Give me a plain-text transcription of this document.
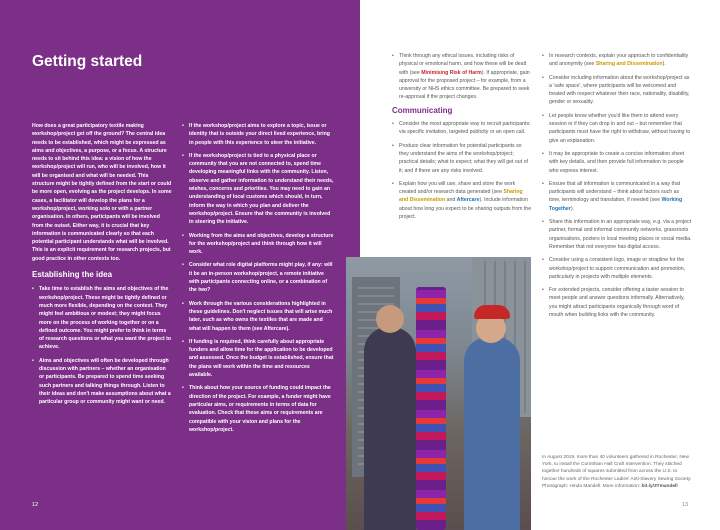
Getting started

How does a great participatory textile making workshop/project get off the ground? The central idea needs to be established, which might be expressed as aims and objectives, a purpose, or a focus. A structure needs to sit behind this idea: a vision of how the workshop/project will run, who will be involved, how it will be organised and what will be needed. This structure might be tightly defined from the start or could be more open, evolving as the project develops. In some cases, a facilitator will develop the plans for a workshop/project, working solo or with a partner organisation. In others, participants will be involved from the outset. Either way, it is crucial that key information is communicated clearly so that each potential participant understands what will be involved. This is an explicit requirement for research projects, but good practice in other contexts too.

Establishing the idea
• Take time to establish the aims and objectives of the workshop/project. These might be tightly defined or much more flexible, depending on the context. They might feel ambitious or modest; they might focus more on the process of working together or on a defined outcome. You might prefer to think in terms of research questions or what you want the project to achieve.
• Aims and objectives will often be developed through discussion with partners – whether an organisation or participants. Be prepared to spend time seeking such partners and talking things through. Listen to their ideas and don't make assumptions about what a particular group or community might want or need.
• If the workshop/project aims to explore a topic, issue or identity that is outside your direct lived experience, bring in people with this experience to steer the initiative.
• If the workshop/project is tied to a physical place or community that you are not connected to, spend time developing meaningful links with the community. Listen, observe and gather information to understand their needs, wishes, concerns and priorities. You may need to gain an understanding of local customs which should, in turn, inform the way in which you plan and deliver the workshop/project. Ensure that the community is involved in steering the initiative.
• Working from the aims and objectives, develop a structure for the workshop/project and think through how it will work.
• Consider what role digital platforms might play, if any: will it be an in-person workshop/project, a remote initiative with participants connecting online, or a combination of the two?
• Work through the various considerations highlighted in these guidelines. Don't neglect issues that will arise much later, such as who owns the textiles that are made and what will happen to them (see Aftercare).
• If funding is required, think carefully about appropriate funders and allow time for the application to be developed and assessed. Once the budget is established, ensure that the plans will work within the time and resources available.
• Think about how your source of funding could impact the direction of the project. For example, a funder might have particular aims, or requirements in terms of data for evaluation. Check that these aims or requirements are compatible with your vision and plans for the workshop/project.
12
• Think through any ethical issues, including risks of physical or emotional harm, and how these will be dealt with (see Minimising Risk of Harm). If appropriate, gain approval for the proposed project – for example, from a university or NHS ethics committee. Be prepared to seek re-approval if the project changes.
Communicating
• Consider the most appropriate way to recruit participants: via specific invitation, targeted publicity or an open call.
• Produce clear information for potential participants so they understand the aims of the workshop/project; practical details; what to expect; what they will get out of it; and if there are any risks involved.
• Explain how you will use, share and store the work created and/or research data generated (see Sharing and Dissemination and Aftercare). Include information about how long you expect to be sharing outputs from the project.
• In research contexts, explain your approach to confidentiality and anonymity (see Sharing and Dissemination).
• Consider including information about the workshop/project as a 'safe space', where participants will be welcomed and treated with respect whatever their race, nationality, disability, gender or sexuality.
• Let people know whether you'd like them to attend every session or if they can drop in and out – but remember that participants must have the right to withdraw, without having to give an explanation.
• It may be appropriate to create a concise information sheet with key details, and then provide full information to people who express interest.
• Ensure that all information is communicated in a way that participants will understand – think about factors such as tone, terminology and translation, if needed (see Working Together).
• Share this information in an appropriate way, e.g. via a project partner, formal and informal community networks, grassroots organisations, posters in local meeting places or social media. Remember that not everyone has digital access.
• Consider using a consistent logo, image or strapline for the workshop/project to support communication and promotion, particularly in projects with multiple elements.
• For extended projects, consider offering a taster session to meet people and answer questions informally. Alternatively, you might attract participants organically through word of mouth when building links with the community.

In August 2019, more than 40 volunteers gathered in Rochester, New York, to install the Corinthian Hall Craft Intervention. They stitched together hundreds of squares submitted from across the U.S. to honour the work of the Rochester Ladies' Anti-Slavery Sewing Society. Photograph: Hinda Mandell. More information: bit.ly/3Tmandell

13
